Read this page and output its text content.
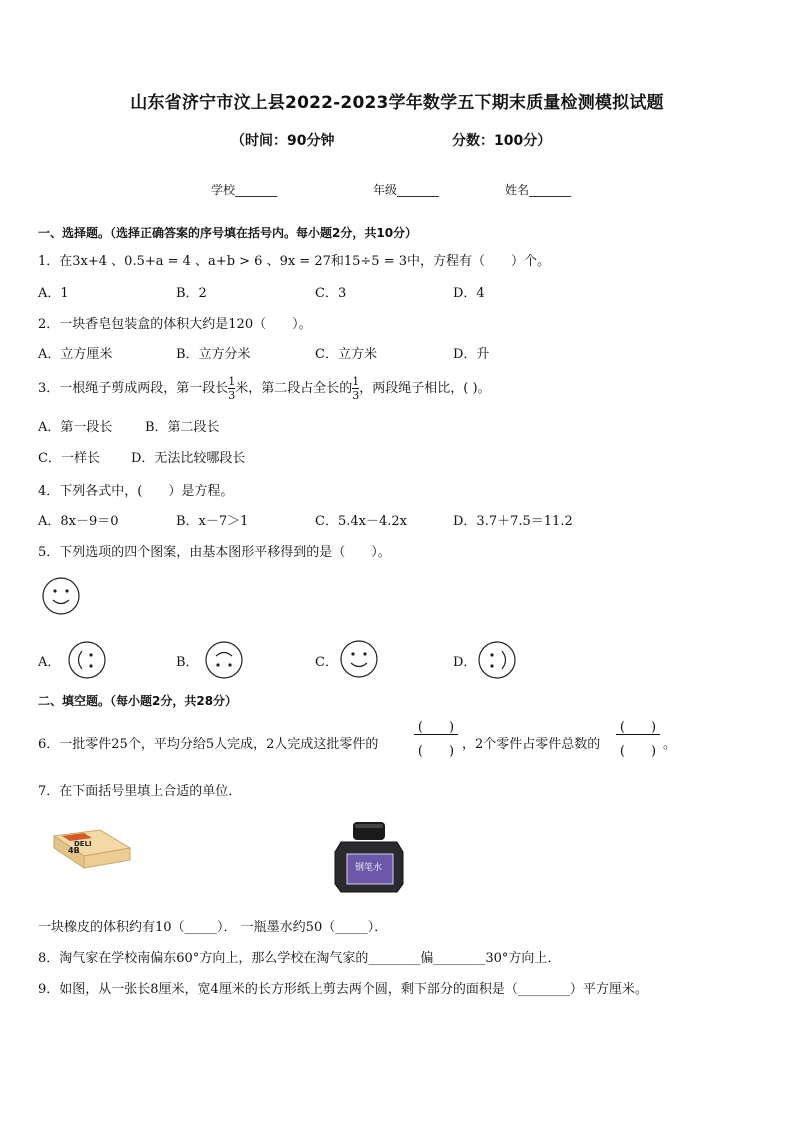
山东省济宁市汶上县2022-2023学年数学五下期末质量检测模拟试题
（时间：90分钟	分数：100分）
学校_______	年级_______	姓名_______
一、选择题。（选择正确答案的序号填在括号内。每小题2分，共10分）
1．在3x+4 、0.5+a = 4 、a+b > 6 、9x = 27和15÷5 = 3中，方程有（　　）个。
A．1	B．2	C．3	D．4
2．一块香皂包装盒的体积大约是120（　　）。
A．立方厘米	B．立方分米	C．立方米	D．升
3．一根绳子剪成两段，第一段长 $\frac{1}{3}$ 米，第二段占全长的 $\frac{1}{3}$ ，两段绳子相比，( )。
A．第一段长	B．第二段长
C．一样长 D．无法比较哪段长
4．下列各式中，(　　）是方程。
A．8x－9＝0	B．x－7＞1	C．5.4x－4.2x	D．3.7＋7.5＝11.2
5．下列选项的四个图案，由基本图形平移得到的是（　　）。
A．	B．	C．	D．
二、填空题。（每小题2分，共28分）
6．一批零件25个，平均分给5人完成，2人完成这批零件的
(　　)
(　　) ，2个零件占零件总数的
(　　)
(　　) 。
7．在下面括号里填上合适的单位．
DELI
4B
钢笔水
一块橡皮的体积约有10（_____）． 一瓶墨水约50（_____）．
8．淘气家在学校南偏东60°方向上，那么学校在淘气家的________偏________30°方向上．
9．如图，从一张长8厘米，宽4厘米的长方形纸上剪去两个圆，剩下部分的面积是（________）平方厘米。
